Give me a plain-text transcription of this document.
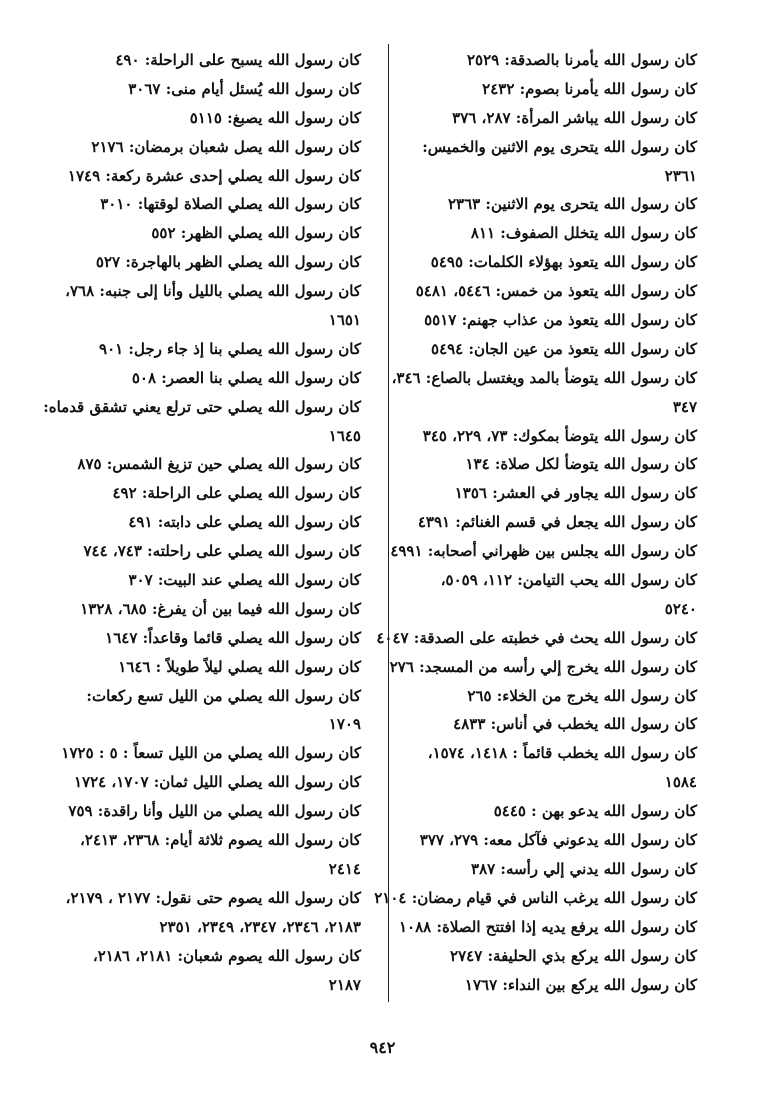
كان رسول الله يأمرنا بالصدقة: ٢٥٢٩
كان رسول الله يأمرنا بصوم: ٢٤٣٢
كان رسول الله يباشر المرأة: ٢٨٧، ٣٧٦
كان رسول الله يتحرى يوم الاثنين والخميس:
٢٣٦١
كان رسول الله يتحرى يوم الاثنين: ٢٣٦٣
كان رسول الله يتخلل الصفوف: ٨١١
كان رسول الله يتعوذ بهؤلاء الكلمات: ٥٤٩٥
كان رسول الله يتعوذ من خمس: ٥٤٤٦، ٥٤٨١
كان رسول الله يتعوذ من عذاب جهنم: ٥٥١٧
كان رسول الله يتعوذ من عين الجان: ٥٤٩٤
كان رسول الله يتوضأ بالمد ويغتسل بالصاع: ٣٤٦،
٣٤٧
كان رسول الله يتوضأ بمكوك: ٧٣، ٢٢٩، ٣٤٥
كان رسول الله يتوضأ لكل صلاة: ١٣٤
كان رسول الله يجاور في العشر: ١٣٥٦
كان رسول الله يجعل في قسم الغنائم: ٤٣٩١
كان رسول الله يجلس بين ظهراني أصحابه: ٤٩٩١
كان رسول الله يحب التيامن: ١١٢، ٥٠٥٩،
٥٢٤٠
كان رسول الله يحث في خطبته على الصدقة: ٤٠٤٧
كان رسول الله يخرج إلي رأسه من المسجد: ٢٧٦
كان رسول الله يخرج من الخلاء: ٢٦٥
كان رسول الله يخطب في أناس: ٤٨٣٣
كان رسول الله يخطب قائماً : ١٤١٨، ١٥٧٤،
١٥٨٤
كان رسول الله يدعو بهن : ٥٤٤٥
كان رسول الله يدعوني فآكل معه: ٢٧٩، ٣٧٧
كان رسول الله يدني إلي رأسه: ٣٨٧
كان رسول الله يرغب الناس في قيام رمضان: ٢١٠٤
كان رسول الله يرفع يديه إذا افتتح الصلاة: ١٠٨٨
كان رسول الله يركع بذي الحليفة: ٢٧٤٧
كان رسول الله يركع بين النداء: ١٧٦٧
كان رسول الله يسبح على الراحلة: ٤٩٠
كان رسول الله يُسئل أيام منى: ٣٠٦٧
كان رسول الله يصبغ: ٥١١٥
كان رسول الله يصل شعبان برمضان: ٢١٧٦
كان رسول الله يصلي إحدى عشرة ركعة: ١٧٤٩
كان رسول الله يصلي الصلاة لوقتها: ٣٠١٠
كان رسول الله يصلي الظهر: ٥٥٢
كان رسول الله يصلي الظهر بالهاجرة: ٥٢٧
كان رسول الله يصلي بالليل وأنا إلى جنبه: ٧٦٨،
١٦٥١
كان رسول الله يصلي بنا إذ جاء رجل: ٩٠١
كان رسول الله يصلي بنا العصر: ٥٠٨
كان رسول الله يصلي حتى ترلع يعني تشقق قدماه:
١٦٤٥
كان رسول الله يصلي حين تزيغ الشمس: ٨٧٥
كان رسول الله يصلي على الراحلة: ٤٩٢
كان رسول الله يصلي على دابته: ٤٩١
كان رسول الله يصلي على راحلته: ٧٤٣، ٧٤٤
كان رسول الله يصلي عند البيت: ٣٠٧
كان رسول الله فيما بين أن يفرغ: ٦٨٥، ١٣٢٨
كان رسول الله يصلي قائما وقاعداً: ١٦٤٧
كان رسول الله يصلي ليلاً طويلاً : ١٦٤٦
كان رسول الله يصلي من الليل تسع ركعات:
١٧٠٩
كان رسول الله يصلي من الليل تسعاً : ٥ : ١٧٢٥
كان رسول الله يصلي الليل ثمان: ١٧٠٧، ١٧٢٤
كان رسول الله يصلي من الليل وأنا راقدة: ٧٥٩
كان رسول الله يصوم ثلاثة أيام: ٢٣٦٨، ٢٤١٣،
٢٤١٤
كان رسول الله يصوم حتى نقول: ٢١٧٧ ، ٢١٧٩،
٢١٨٣، ٢٣٤٦، ٢٣٤٧، ٢٣٤٩، ٢٣٥١
كان رسول الله يصوم شعبان: ٢١٨١، ٢١٨٦،
٢١٨٧
٩٤٢
